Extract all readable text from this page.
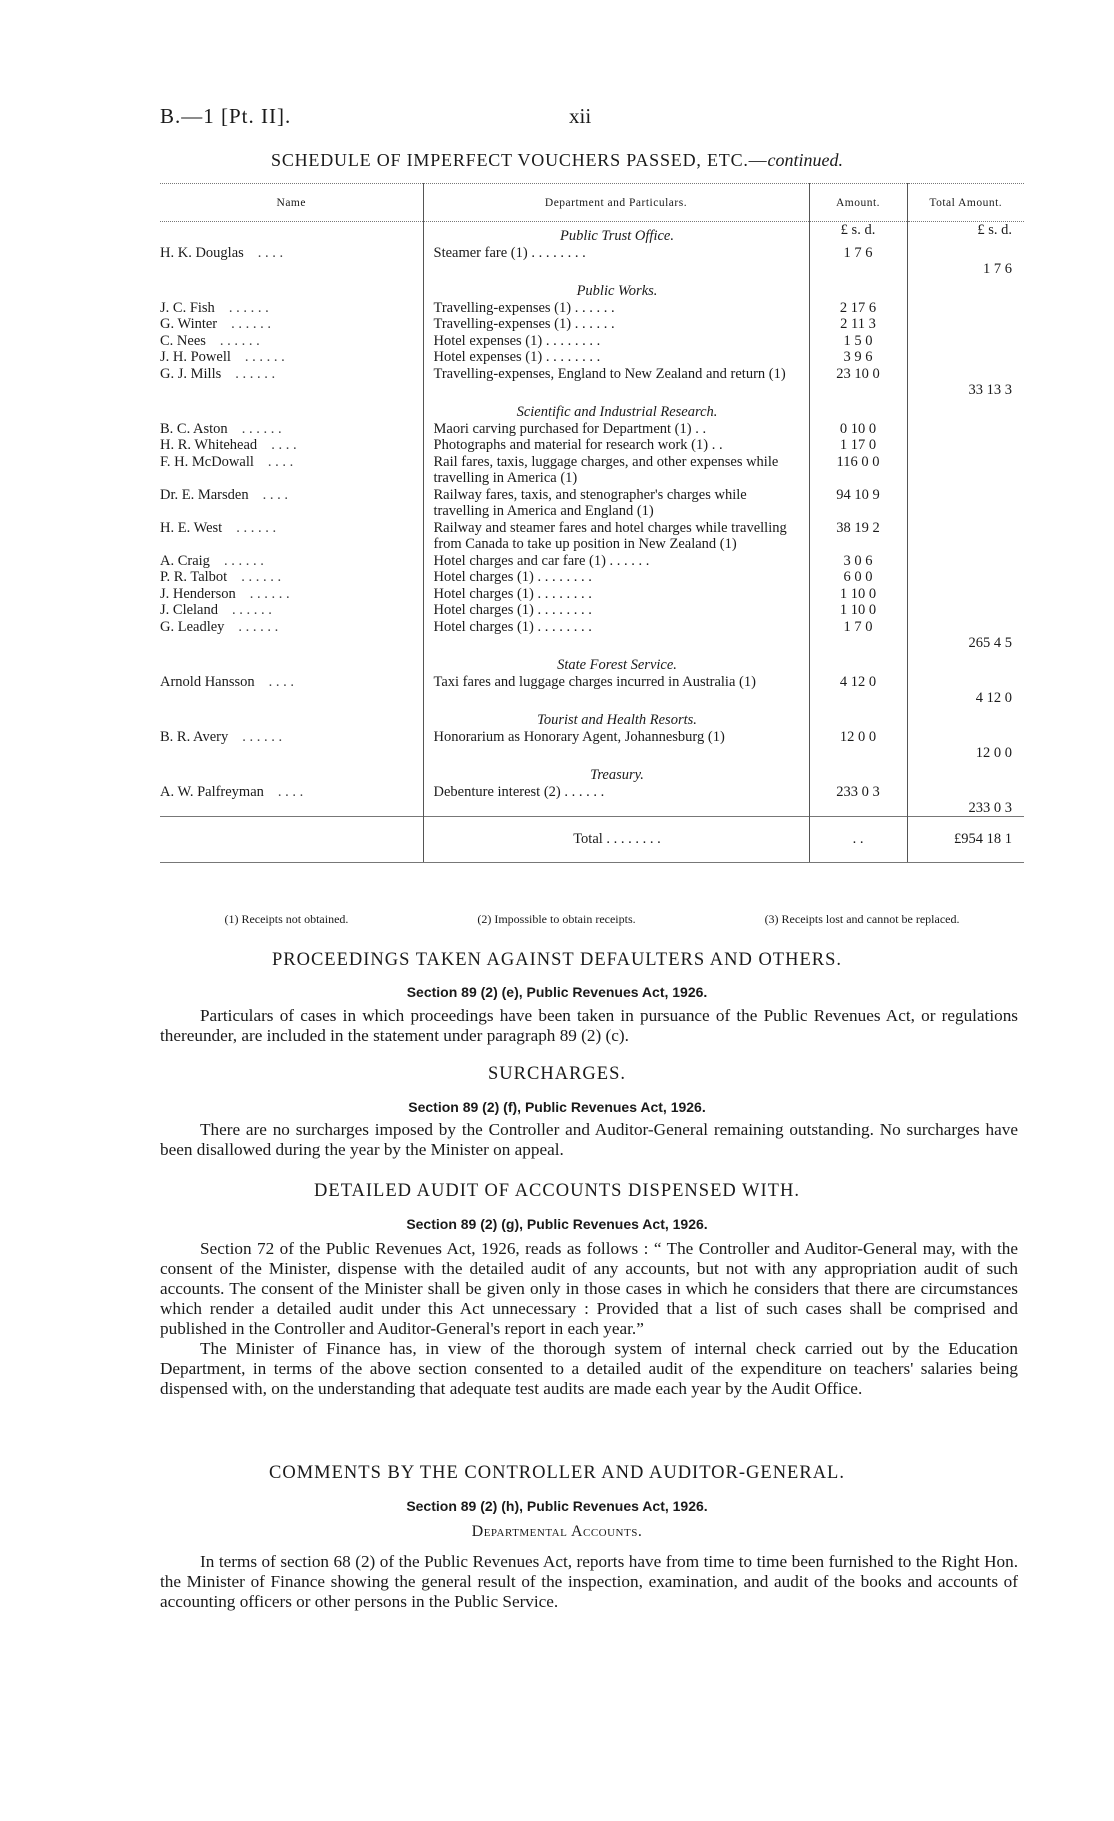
B.—1 [Pt. II].	xii
SCHEDULE OF IMPERFECT VOUCHERS PASSED, ETC.—continued.
Name	Department and Particulars.	Amount.	Total Amount.
	Public Trust Office.	£ s. d.	£ s. d.
H. K. Douglas . . . .	Steamer fare (1) . . . . . . . .	1 7 6	1 7 6
	Public Works.		
J. C. Fish . . . . . .	Travelling-expenses (1) . . . . . .	2 17 6	
G. Winter . . . . . .	Travelling-expenses (1) . . . . . .	2 11 3	
C. Nees . . . . . .	Hotel expenses (1) . . . . . . . .	1 5 0	
J. H. Powell . . . . . .	Hotel expenses (1) . . . . . . . .	3 9 6	
G. J. Mills . . . . . .	Travelling-expenses, England to New Zealand and return (1)	23 10 0	33 13 3
	Scientific and Industrial Research.		
B. C. Aston . . . . . .	Maori carving purchased for Department (1) . .	0 10 0	
H. R. Whitehead . . . .	Photographs and material for research work (1) . .	1 17 0	
F. H. McDowall . . . .	Rail fares, taxis, luggage charges, and other expenses while travelling in America (1)	116 0 0	
Dr. E. Marsden . . . .	Railway fares, taxis, and stenographer's charges while travelling in America and England (1)	94 10 9	
H. E. West . . . . . .	Railway and steamer fares and hotel charges while travelling from Canada to take up position in New Zealand (1)	38 19 2	
A. Craig . . . . . .	Hotel charges and car fare (1) . . . . . .	3 0 6	
P. R. Talbot . . . . . .	Hotel charges (1) . . . . . . . .	6 0 0	
J. Henderson . . . . . .	Hotel charges (1) . . . . . . . .	1 10 0	
J. Cleland . . . . . .	Hotel charges (1) . . . . . . . .	1 10 0	
G. Leadley . . . . . .	Hotel charges (1) . . . . . . . .	1 7 0	265 4 5
	State Forest Service.		
Arnold Hansson . . . .	Taxi fares and luggage charges incurred in Australia (1)	4 12 0	4 12 0
	Tourist and Health Resorts.		
B. R. Avery . . . . . .	Honorarium as Honorary Agent, Johannesburg (1)	12 0 0	12 0 0
	Treasury.		
A. W. Palfreyman . . . .	Debenture interest (2) . . . . . .	233 0 3	233 0 3
	Total . . . . . . . .	. .	£954 18 1
(1) Receipts not obtained.	(2) Impossible to obtain receipts.	(3) Receipts lost and cannot be replaced.
PROCEEDINGS TAKEN AGAINST DEFAULTERS AND OTHERS.
Section 89 (2) (e), Public Revenues Act, 1926.

Particulars of cases in which proceedings have been taken in pursuance of the Public Revenues Act, or regulations thereunder, are included in the statement under paragraph 89 (2) (c).

SURCHARGES.
Section 89 (2) (f), Public Revenues Act, 1926.

There are no surcharges imposed by the Controller and Auditor-General remaining outstanding. No surcharges have been disallowed during the year by the Minister on appeal.

DETAILED AUDIT OF ACCOUNTS DISPENSED WITH.
Section 89 (2) (g), Public Revenues Act, 1926.

Section 72 of the Public Revenues Act, 1926, reads as follows : “ The Controller and Auditor-General may, with the consent of the Minister, dispense with the detailed audit of any accounts, but not with any appropriation audit of such accounts. The consent of the Minister shall be given only in those cases in which he considers that there are circumstances which render a detailed audit under this Act unnecessary : Provided that a list of such cases shall be comprised and published in the Controller and Auditor-General's report in each year.”

The Minister of Finance has, in view of the thorough system of internal check carried out by the Education Department, in terms of the above section consented to a detailed audit of the expenditure on teachers' salaries being dispensed with, on the understanding that adequate test audits are made each year by the Audit Office.

COMMENTS BY THE CONTROLLER AND AUDITOR-GENERAL.
Section 89 (2) (h), Public Revenues Act, 1926.
Departmental Accounts.

In terms of section 68 (2) of the Public Revenues Act, reports have from time to time been furnished to the Right Hon. the Minister of Finance showing the general result of the inspection, examination, and audit of the books and accounts of accounting officers or other persons in the Public Service.
